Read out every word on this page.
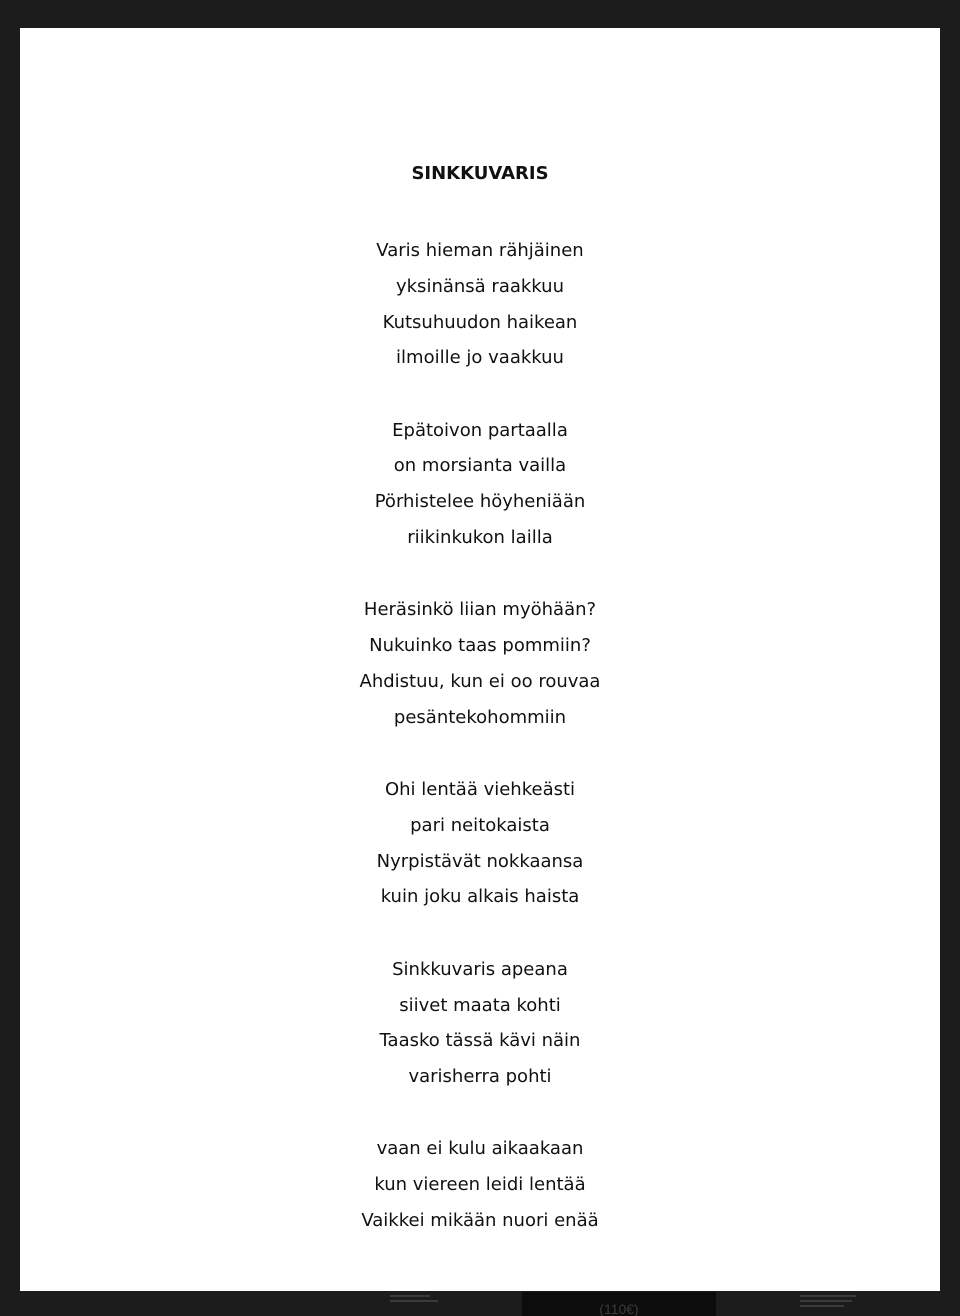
SINKKUVARIS
Varis hieman rähjäinen
yksinänsä raakkuu
Kutsuhuudon haikean
ilmoille jo vaakkuu
Epätoivon partaalla
on morsianta vailla
Pörhistelee höyheniään
riikinkukon lailla
Heräsinkö liian myöhään?
Nukuinko taas pommiin?
Ahdistuu, kun ei oo rouvaa
pesäntekohommiin
Ohi lentää viehkeästi
pari neitokaista
Nyrpistävät nokkaansa
kuin joku alkais haista
Sinkkuvaris apeana
siivet maata kohti
Taasko tässä kävi näin
varisherra pohti
vaan ei kulu aikaakaan
kun viereen leidi lentää
Vaikkei mikään nuori enää
(110€)
